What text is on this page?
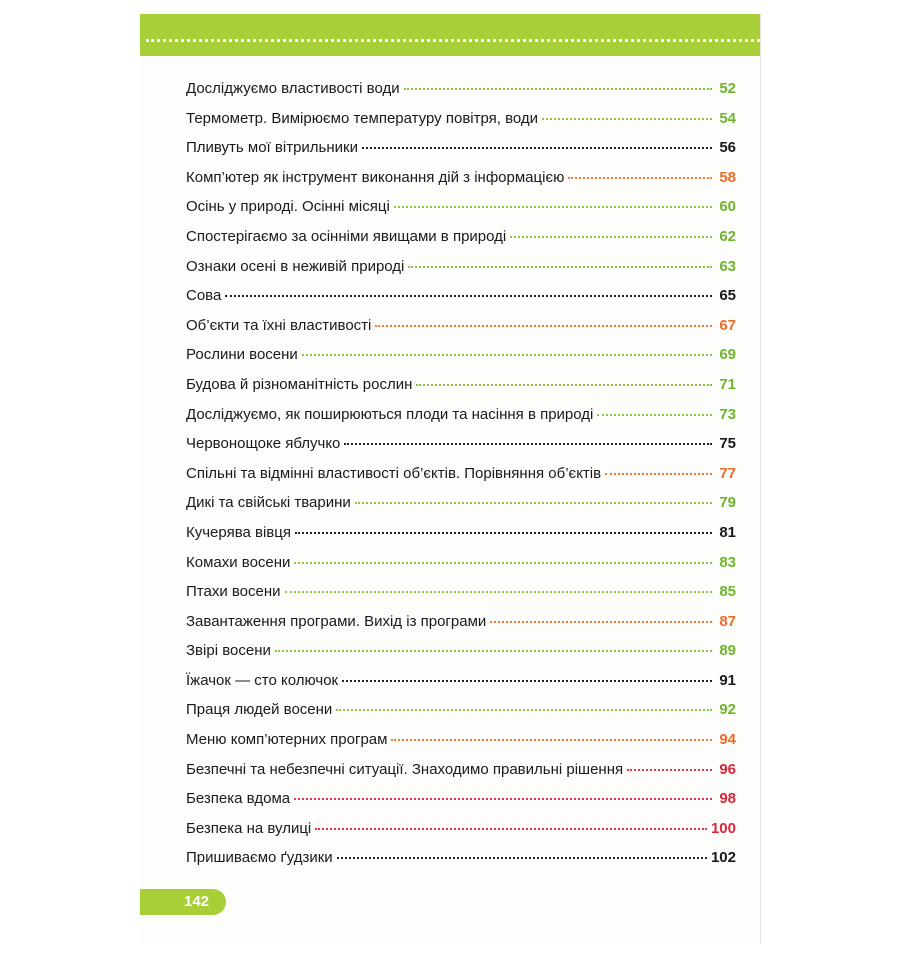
Досліджуємо властивості води	52
Термометр. Вимірюємо температуру повітря, води	54
Пливуть мої вітрильники	56
Комп’ютер як інструмент виконання дій з інформацією	58
Осінь у природі. Осінні місяці	60
Спостерігаємо за осінніми явищами в природі	62
Ознаки осені в неживій природі	63
Сова	65
Об’єкти та їхні властивості	67
Рослини восени	69
Будова й різноманітність рослин	71
Досліджуємо, як поширюються плоди та насіння в природі	73
Червонощоке яблучко	75
Спільні та відмінні властивості об’єктів. Порівняння об’єктів	77
Дикі та свійські тварини	79
Кучерява вівця	81
Комахи восени	83
Птахи восени	85
Завантаження програми. Вихід із програми	87
Звірі восени	89
Їжачок — сто колючок	91
Праця людей восени	92
Меню комп’ютерних програм	94
Безпечні та небезпечні ситуації. Знаходимо правильні рішення	96
Безпека вдома	98
Безпека на вулиці	100
Пришиваємо ґудзики	102
142
